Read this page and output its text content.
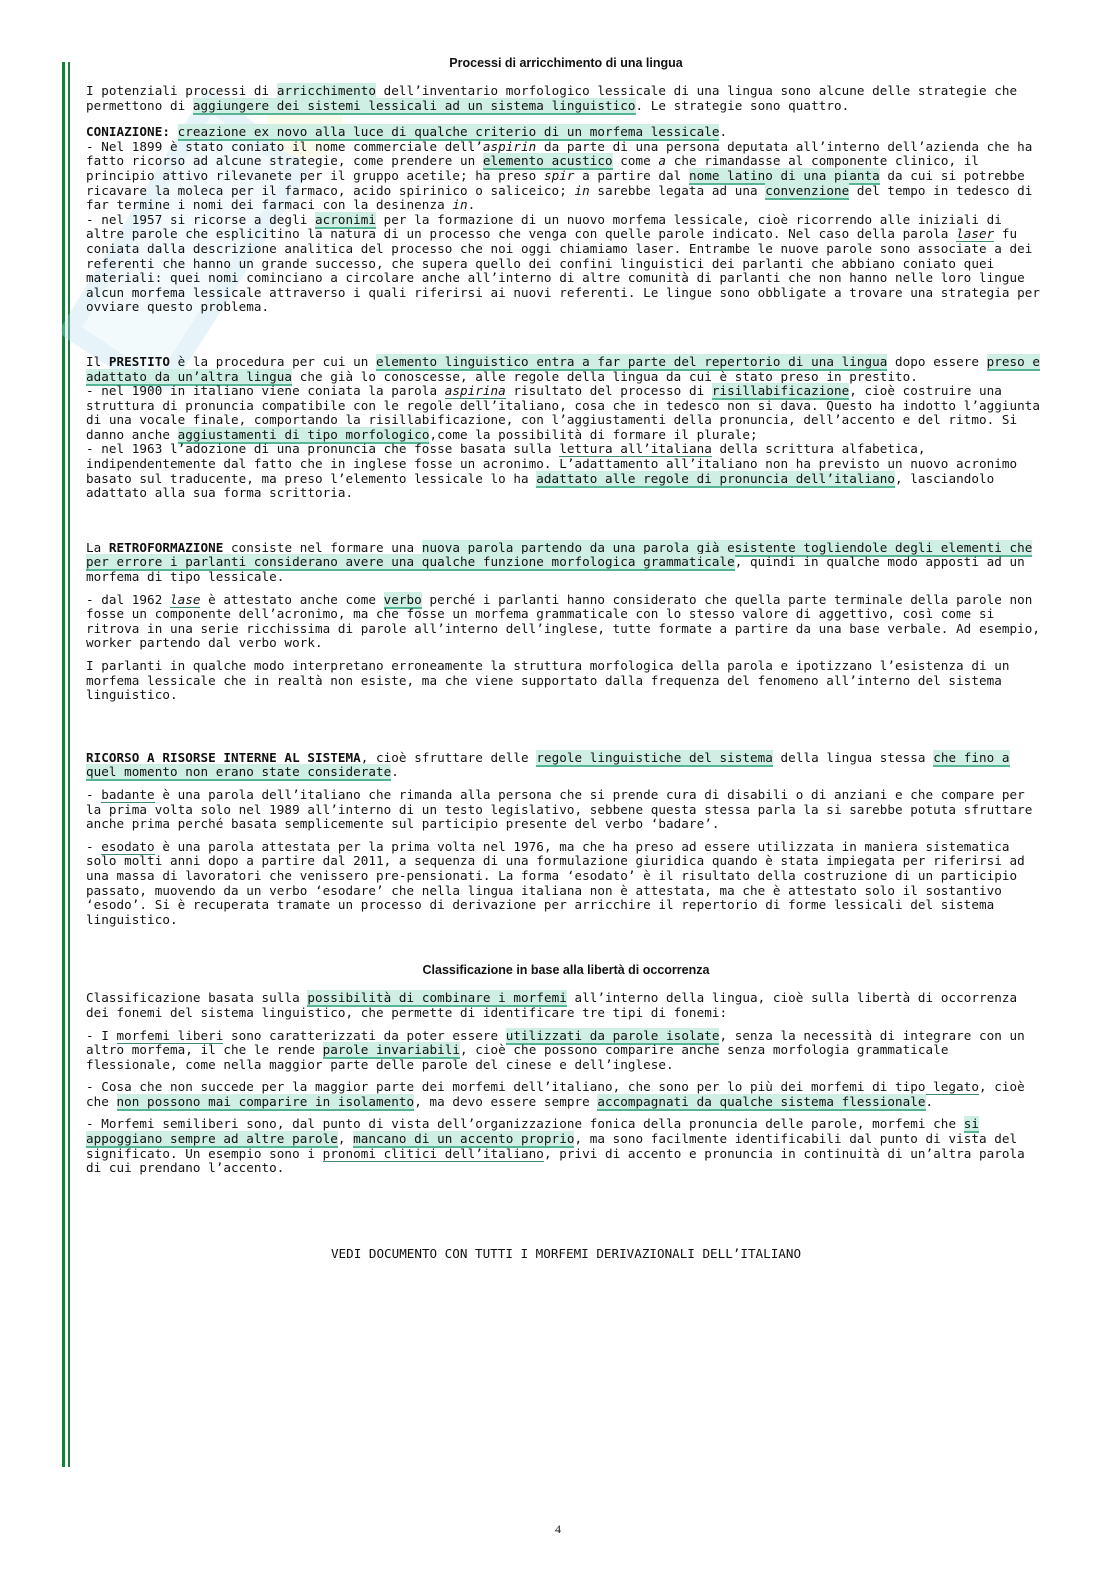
Processi di arricchimento di una lingua

I potenziali processi di arricchimento dell’inventario morfologico lessicale di una lingua sono alcune delle strategie che permettono di aggiungere dei sistemi lessicali ad un sistema linguistico. Le strategie sono quattro.

CONIAZIONE: creazione ex novo alla luce di qualche criterio di un morfema lessicale.
- Nel 1899 è stato coniato il nome commerciale dell’aspirin da parte di una persona deputata all’interno dell’azienda che ha fatto ricorso ad alcune strategie, come prendere un elemento acustico come a che rimandasse al componente clinico, il principio attivo rilevanete per il gruppo acetile; ha preso spir a partire dal nome latino di una pianta da cui si potrebbe ricavare la moleca per il farmaco, acido spirinico o saliceico; in sarebbe legata ad una convenzione del tempo in tedesco di far termine i nomi dei farmaci con la desinenza in.
- nel 1957 si ricorse a degli acronimi per la formazione di un nuovo morfema lessicale, cioè ricorrendo alle iniziali di altre parole che esplicitino la natura di un processo che venga con quelle parole indicato. Nel caso della parola laser fu coniata dalla descrizione analitica del processo che noi oggi chiamiamo laser. Entrambe le nuove parole sono associate a dei referenti che hanno un grande successo, che supera quello dei confini linguistici dei parlanti che abbiano coniato quei materiali: quei nomi cominciano a circolare anche all’interno di altre comunità di parlanti che non hanno nelle loro lingue alcun morfema lessicale attraverso i quali riferirsi ai nuovi referenti. Le lingue sono obbligate a trovare una strategia per ovviare questo problema.

Il PRESTITO è la procedura per cui un elemento linguistico entra a far parte del repertorio di una lingua dopo essere preso e adattato da un’altra lingua che già lo conoscesse, alle regole della lingua da cui è stato preso in prestito.
- nel 1900 in italiano viene coniata la parola aspirina risultato del processo di risillabificazione, cioè costruire una struttura di pronuncia compatibile con le regole dell’italiano, cosa che in tedesco non si dava. Questo ha indotto l’aggiunta di una vocale finale, comportando la risillabificazione, con l’aggiustamenti della pronuncia, dell’accento e del ritmo. Si danno anche aggiustamenti di tipo morfologico,come la possibilità di formare il plurale;
- nel 1963 l’adozione di una pronuncia che fosse basata sulla lettura all’italiana della scrittura alfabetica, indipendentemente dal fatto che in inglese fosse un acronimo. L’adattamento all’italiano non ha previsto un nuovo acronimo basato sul traducente, ma preso l’elemento lessicale lo ha adattato alle regole di pronuncia dell’italiano, lasciandolo adattato alla sua forma scrittoria.

La RETROFORMAZIONE consiste nel formare una nuova parola partendo da una parola già esistente togliendole degli elementi che per errore i parlanti considerano avere una qualche funzione morfologica grammaticale, quindi in qualche modo apposti ad un morfema di tipo lessicale.

- dal 1962 lase è attestato anche come verbo perché i parlanti hanno considerato che quella parte terminale della parole non fosse un componente dell’acronimo, ma che fosse un morfema grammaticale con lo stesso valore di aggettivo, così come si ritrova in una serie ricchissima di parole all’interno dell’inglese, tutte formate a partire da una base verbale. Ad esempio, worker partendo dal verbo work.

I parlanti in qualche modo interpretano erroneamente la struttura morfologica della parola e ipotizzano l’esistenza di un morfema lessicale che in realtà non esiste, ma che viene supportato dalla frequenza del fenomeno all’interno del sistema linguistico.

RICORSO A RISORSE INTERNE AL SISTEMA, cioè sfruttare delle regole linguistiche del sistema della lingua stessa che fino a quel momento non erano state considerate.

- badante è una parola dell’italiano che rimanda alla persona che si prende cura di disabili o di anziani e che compare per la prima volta solo nel 1989 all’interno di un testo legislativo, sebbene questa stessa parla la si sarebbe potuta sfruttare anche prima perché basata semplicemente sul participio presente del verbo ‘badare’.

- esodato è una parola attestata per la prima volta nel 1976, ma che ha preso ad essere utilizzata in maniera sistematica solo molti anni dopo a partire dal 2011, a sequenza di una formulazione giuridica quando è stata impiegata per riferirsi ad una massa di lavoratori che venissero pre-pensionati. La forma ‘esodato’ è il risultato della costruzione di un participio passato, muovendo da un verbo ‘esodare’ che nella lingua italiana non è attestata, ma che è attestato solo il sostantivo ‘esodo’. Si è recuperata tramate un processo di derivazione per arricchire il repertorio di forme lessicali del sistema linguistico.

Classificazione in base alla libertà di occorrenza

Classificazione basata sulla possibilità di combinare i morfemi all’interno della lingua, cioè sulla libertà di occorrenza dei fonemi del sistema linguistico, che permette di identificare tre tipi di fonemi:

- I morfemi liberi sono caratterizzati da poter essere utilizzati da parole isolate, senza la necessità di integrare con un altro morfema, il che le rende parole invariabili, cioè che possono comparire anche senza morfologia grammaticale flessionale, come nella maggior parte delle parole del cinese e dell’inglese.

- Cosa che non succede per la maggior parte dei morfemi dell’italiano, che sono per lo più dei morfemi di tipo legato, cioè che non possono mai comparire in isolamento, ma devo essere sempre accompagnati da qualche sistema flessionale.

- Morfemi semiliberi sono, dal punto di vista dell’organizzazione fonica della pronuncia delle parole, morfemi che si appoggiano sempre ad altre parole, mancano di un accento proprio, ma sono facilmente identificabili dal punto di vista del significato. Un esempio sono i pronomi clitici dell’italiano, privi di accento e pronuncia in continuità di un’altra parola di cui prendano l’accento.

VEDI DOCUMENTO CON TUTTI I MORFEMI DERIVAZIONALI DELL’ITALIANO
4
